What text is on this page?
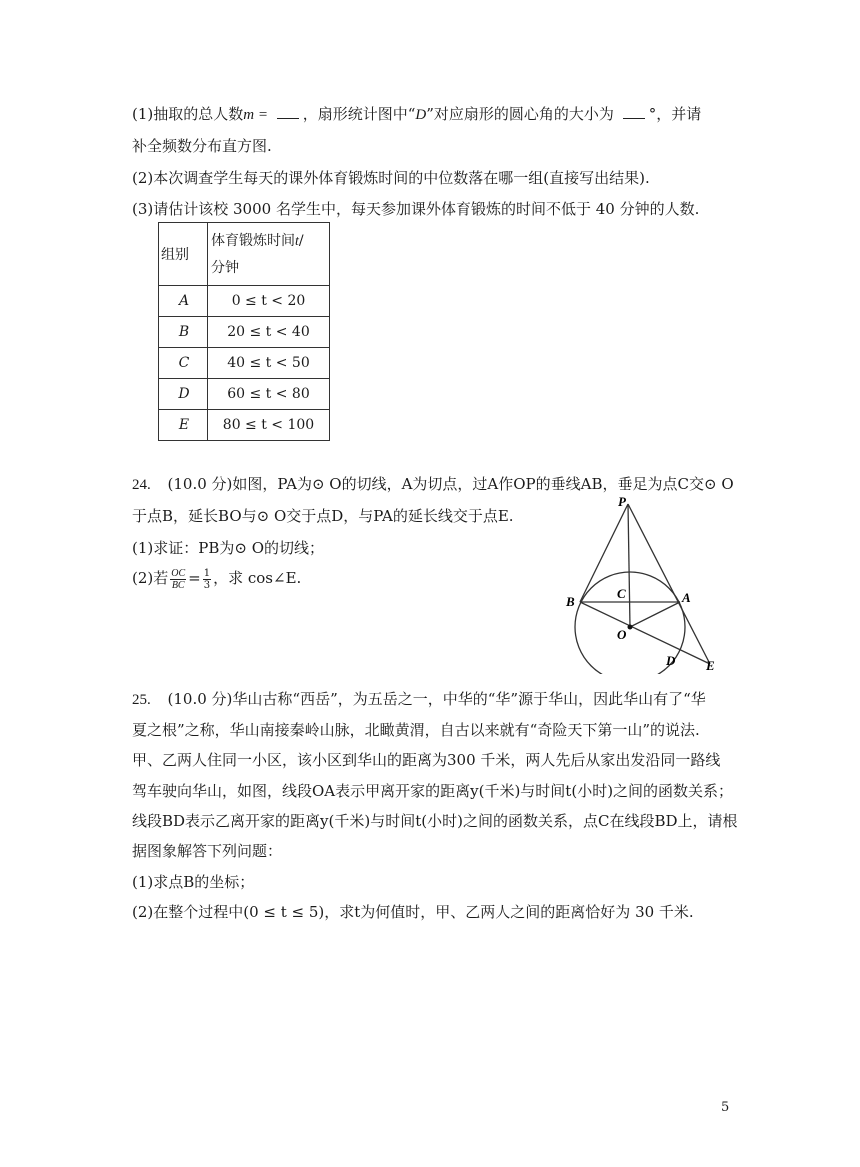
(1)抽取的总人数m = ，扇形统计图中“D”对应扇形的圆心角的大小为 °，并请
补全频数分布直方图.
(2)本次调查学生每天的课外体育锻炼时间的中位数落在哪一组(直接写出结果).
(3)请估计该校 3000 名学生中，每天参加课外体育锻炼的时间不低于 40 分钟的人数.
组别	体育锻炼时间t/
分钟
A	0 ≤ t < 20
B	20 ≤ t < 40
C	40 ≤ t < 50
D	60 ≤ t < 80
E	80 ≤ t < 100
24. (10.0 分)如图，PA为⊙ O的切线，A为切点，过A作OP的垂线AB，垂足为点C交⊙ O
于点B，延长BO与⊙ O交于点D，与PA的延长线交于点E.
(1)求证：PB为⊙ O的切线；
(2)若 $\frac{OC}{BC} = \frac{1}{3}$ ，求 cos∠E.
P
A
B
C
O
D E
25. (10.0 分)华山古称“西岳”，为五岳之一，中华的“华”源于华山，因此华山有了“华
夏之根”之称，华山南接秦岭山脉，北瞰黄渭，自古以来就有“奇险天下第一山”的说法.
甲、乙两人住同一小区，该小区到华山的距离为300 千米，两人先后从家出发沿同一路线
驾车驶向华山，如图，线段OA表示甲离开家的距离y(千米)与时间t(小时)之间的函数关系；
线段BD表示乙离开家的距离y(千米)与时间t(小时)之间的函数关系，点C在线段BD上，请根
据图象解答下列问题：
(1)求点B的坐标；
(2)在整个过程中(0 ≤ t ≤ 5)，求t为何值时，甲、乙两人之间的距离恰好为 30 千米.
5
